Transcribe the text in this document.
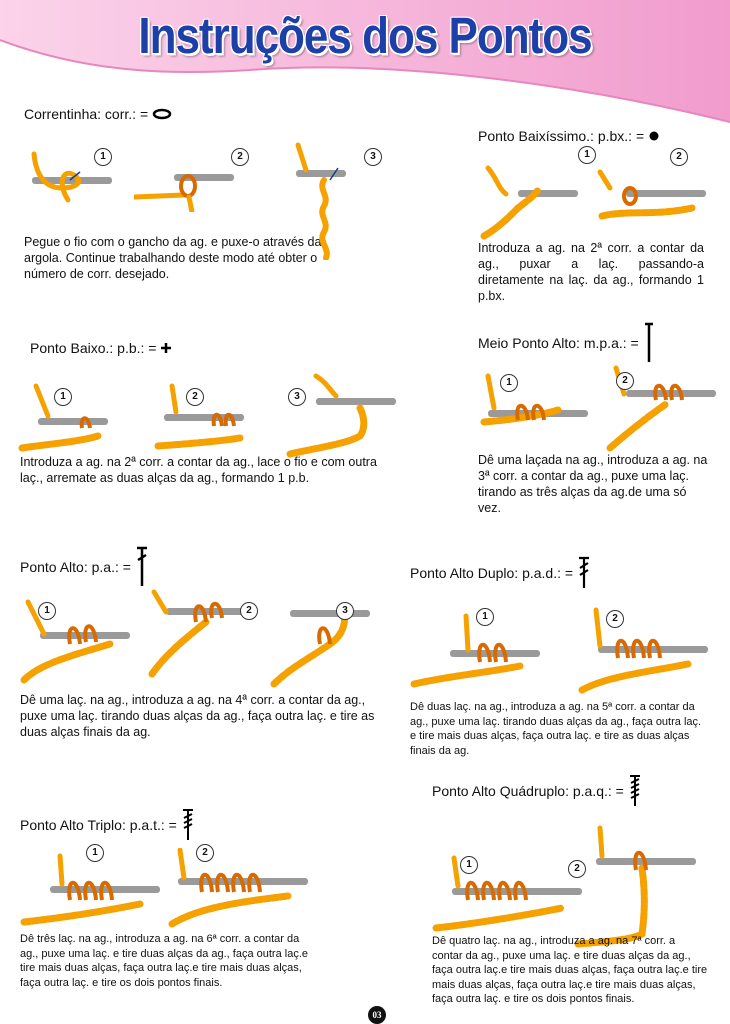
Instruções dos Pontos
Correntinha: corr.: =
1	2	3
Pegue o fio com o gancho da ag. e puxe-o através da argola. Continue trabalhando deste modo até obter o número de corr. desejado.
Ponto Baixíssimo.: p.bx.: =
1	2
Introduza a ag. na 2ª corr. a contar da ag., puxar a laç. passando-a diretamente na laç. da ag., formando 1 p.bx.
Ponto Baixo.: p.b.: =
1	2	3
Introduza a ag. na 2ª corr. a contar da ag., lace o fio e com outra laç., arremate as duas alças da ag., formando 1 p.b.
Meio Ponto Alto: m.p.a.: =
1	2
Dê uma laçada na ag., introduza a ag. na 3ª corr. a contar da ag., puxe uma laç. tirando as três alças da ag.de uma só vez.
Ponto Alto: p.a.: =
1	2	3
Dê uma laç. na ag., introduza a ag. na 4ª corr. a contar da ag., puxe uma laç. tirando duas alças da ag., faça outra laç. e tire as duas alças finais da ag.
Ponto Alto Duplo: p.a.d.: =
1	2
Dê duas laç. na ag., introduza a ag. na 5ª corr. a contar da ag., puxe uma laç. tirando duas alças da ag., faça outra laç. e tire mais duas alças, faça outra laç. e tire as duas alças finais da ag.
Ponto Alto Quádruplo: p.a.q.: =
1	2
Dê quatro laç. na ag., introduza a ag. na 7ª corr. a contar da ag., puxe uma laç. e tire duas alças da ag., faça outra laç.e tire mais duas alças, faça outra laç.e tire mais duas alças, faça outra laç.e tire mais duas alças, faça outra laç. e tire os dois pontos finais.
Ponto Alto Triplo: p.a.t.: =
1	2
Dê três laç. na ag., introduza a ag. na 6ª corr. a contar da ag., puxe uma laç. e tire duas alças da ag., faça outra laç.e tire mais duas alças, faça outra laç.e tire mais duas alças, faça outra laç. e tire os dois pontos finais.
03
